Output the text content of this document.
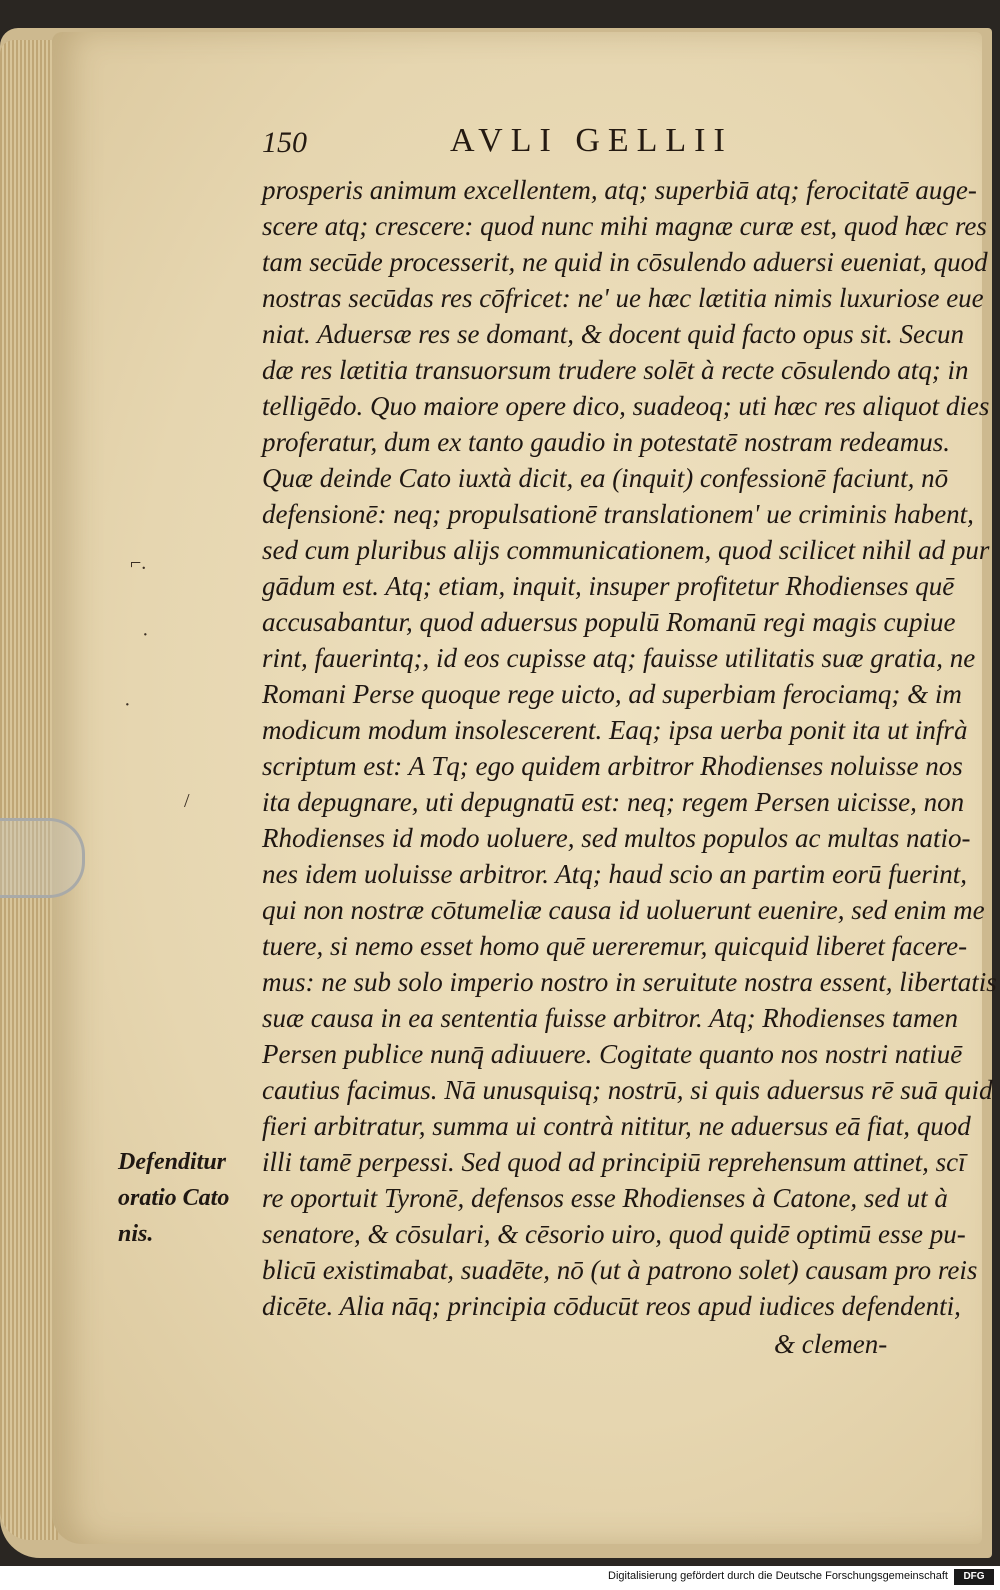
150	AVLI GELLII
prosperis animum excellentem, atq; superbiā atq; ferocitatē auge-
scere atq; crescere: quod nunc mihi magnæ curæ est, quod hæc res
tam secūde processerit, ne quid in cōsulendo aduersi eueniat, quod
nostras secūdas res cōfricet: ne' ue hæc lætitia nimis luxuriose eue
niat. Aduersæ res se domant, & docent quid facto opus sit. Secun
dæ res lætitia transuorsum trudere solēt à recte cōsulendo atq; in
telligēdo. Quo maiore opere dico, suadeoq; uti hæc res aliquot dies
proferatur, dum ex tanto gaudio in potestatē nostram redeamus.
Quæ deinde Cato iuxtà dicit, ea (inquit) confessionē faciunt, nō
defensionē: neq; propulsationē translationem' ue criminis habent,
sed cum pluribus alijs communicationem, quod scilicet nihil ad pur
gādum est. Atq; etiam, inquit, insuper profitetur Rhodienses quē
accusabantur, quod aduersus populū Romanū regi magis cupiue
rint, fauerintq;, id eos cupisse atq; fauisse utilitatis suæ gratia, ne
Romani Perse quoque rege uicto, ad superbiam ferociamq; & im
modicum modum insolescerent. Eaq; ipsa uerba ponit ita ut infrà
scriptum est: A Tq; ego quidem arbitror Rhodienses noluisse nos
ita depugnare, uti depugnatū est: neq; regem Persen uicisse, non
Rhodienses id modo uoluere, sed multos populos ac multas natio-
nes idem uoluisse arbitror. Atq; haud scio an partim eorū fuerint,
qui non nostræ cōtumeliæ causa id uoluerunt euenire, sed enim me
tuere, si nemo esset homo quē uereremur, quicquid liberet facere-
mus: ne sub solo imperio nostro in seruitute nostra essent, libertatis
suæ causa in ea sententia fuisse arbitror. Atq; Rhodienses tamen
Persen publice nunq̄ adiuuere. Cogitate quanto nos nostri natiuē
cautius facimus. Nā unusquisq; nostrū, si quis aduersus rē suā quid
fieri arbitratur, summa ui contrà nititur, ne aduersus eā fiat, quod
illi tamē perpessi. Sed quod ad principiū reprehensum attinet, scī
re oportuit Tyronē, defensos esse Rhodienses à Catone, sed ut à
senatore, & cōsulari, & cēsorio uiro, quod quidē optimū esse pu-
blicū existimabat, suadēte, nō (ut à patrono solet) causam pro reis
dicēte. Alia nāq; principia cōducūt reos apud iudices defendenti,
& clemen-
Defenditur
oratio Cato
nis.
⌐.
·
·
/
Digitalisierung gefördert durch die Deutsche Forschungsgemeinschaft	DFG
